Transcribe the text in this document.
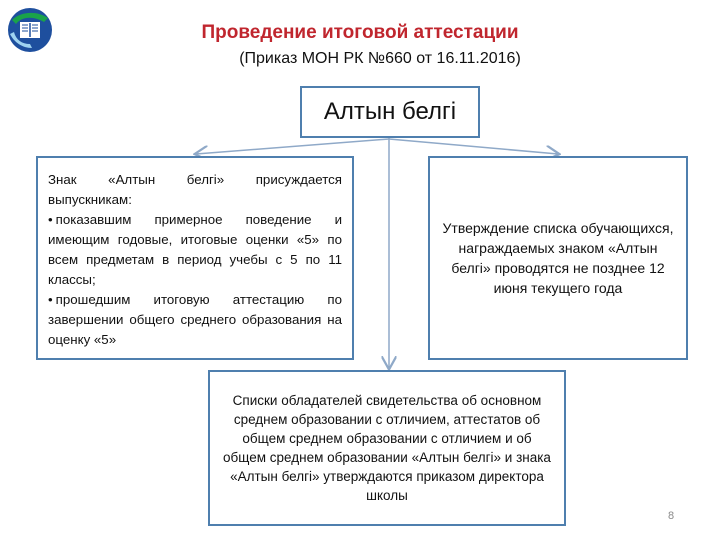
Проведение итоговой аттестации
(Приказ МОН РК №660 от 16.11.2016)
Алтын белгі

Знак «Алтын белгі» присуждается выпускникам:

• показавшим примерное поведение и имеющим годовые, итоговые оценки «5» по всем предметам в период учебы с 5 по 11 классы;
• прошедшим итоговую аттестацию по завершении общего среднего образования на оценку «5»
Утверждение списка обучающихся, награждаемых знаком «Алтын белгі» проводятся не позднее 12 июня текущего года
Списки обладателей свидетельства об основном среднем образовании с отличием, аттестатов об общем среднем образовании с отличием и об общем среднем образовании «Алтын белгі» и знака «Алтын белгі» утверждаются приказом директора школы
8
